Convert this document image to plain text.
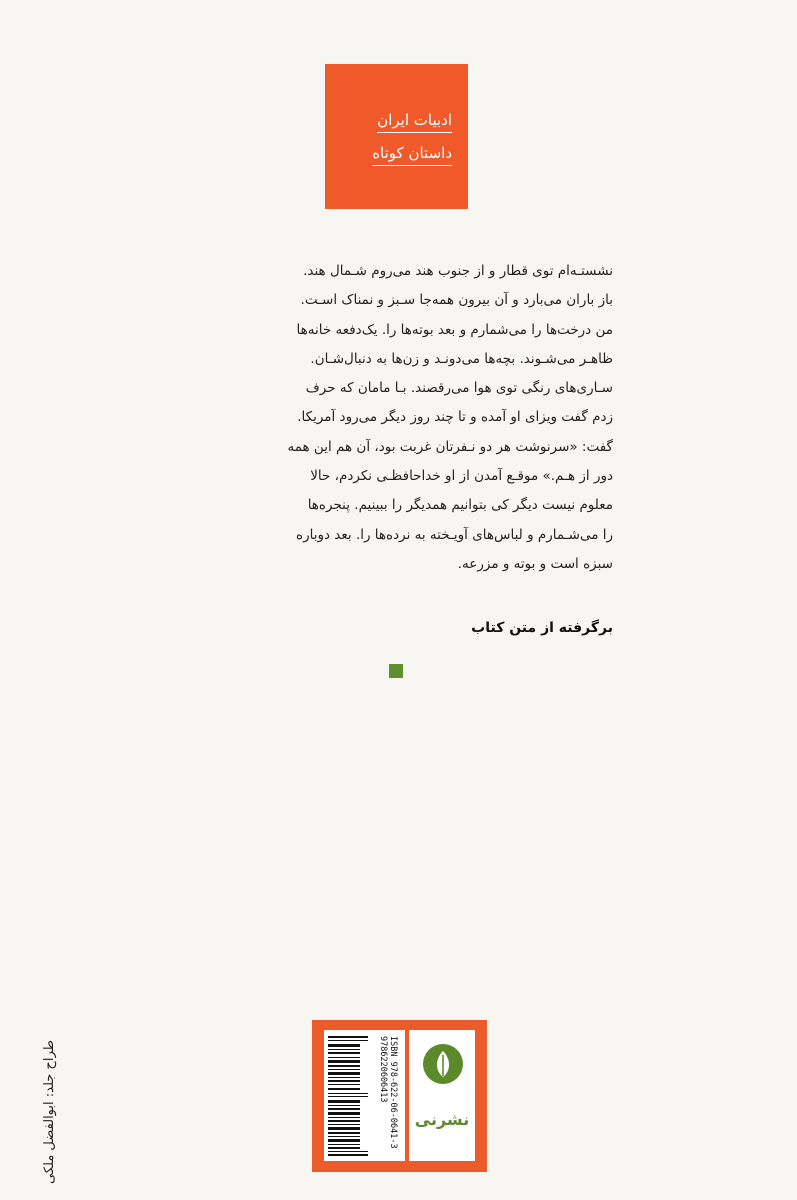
ادبیات ایران
داستان کوتاه
نشستـه‌ام توی قطار و از جنوب هند می‌روم شـمال هند.
باز باران می‌بارد و آن بیرون همه‌جا سـبز و نمناک اسـت.
من درخت‌ها را می‌شمارم و بعد بوته‌ها را. یک‌دفعه خانه‌ها
ظاهـر می‌شـوند. بچه‌ها می‌دونـد و زن‌ها به دنبال‌شـان.
سـاری‌های رنگی توی هوا می‌رقصند. بـا مامان که حرف
زدم گفت ویزای او آمده و تا چند روز دیگر می‌رود آمریکا.
گفت: «سرنوشت هر دو نـفرتان غربت بود، آن هم این همه
دور از هـم.» موقـع آمدن از او خداحافظـی نکردم، حالا
معلوم نیست دیگر کی بتوانیم همدیگر را ببینیم. پنجره‌ها
را می‌شـمارم و لباس‌های آویـخته به نرده‌ها را. بعد دوباره
سبزه است و بوته و مزرعه.
برگرفته از متن کتاب
ISBN 978-622-06-0641-3
9786220606413
نشرنی
طراح جلد: ابوالفضل ملکی
